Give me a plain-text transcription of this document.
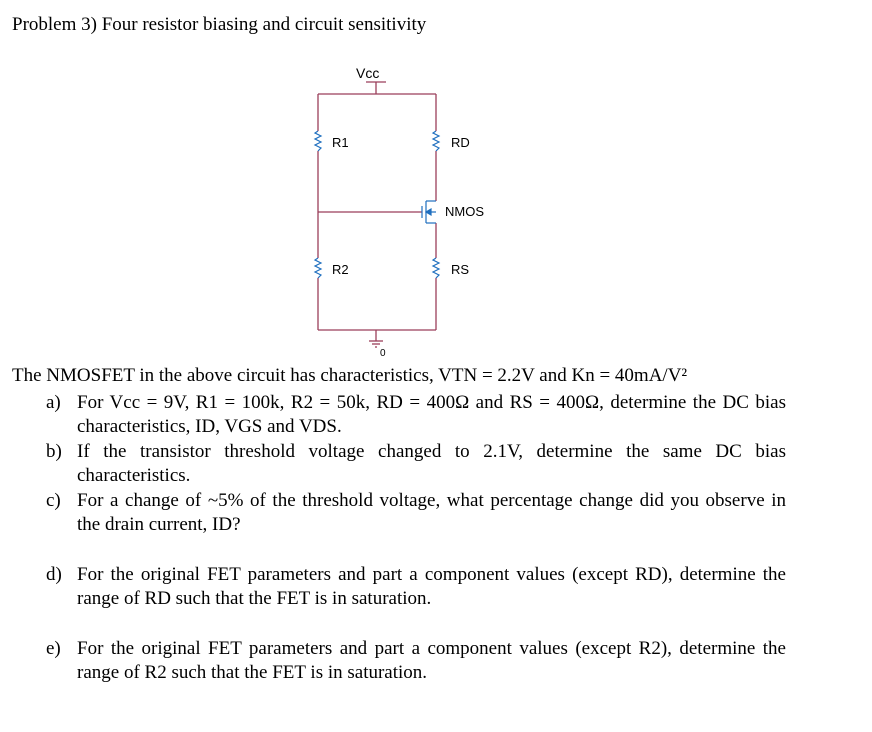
Problem 3) Four resistor biasing and circuit sensitivity
Vcc
R1	RD
NMOS
R2	RS
0
The NMOSFET in the above circuit has characteristics, VTN = 2.2V and Kn = 40mA/V²
a) For Vcc = 9V, R1 = 100k, R2 = 50k, RD = 400Ω and RS = 400Ω, determine the DC bias characteristics, ID, VGS and VDS.
b) If the transistor threshold voltage changed to 2.1V, determine the same DC bias characteristics.
c) For a change of ~5% of the threshold voltage, what percentage change did you observe in the drain current, ID?
d) For the original FET parameters and part a component values (except RD), determine the range of RD such that the FET is in saturation.
e) For the original FET parameters and part a component values (except R2), determine the range of R2 such that the FET is in saturation.
